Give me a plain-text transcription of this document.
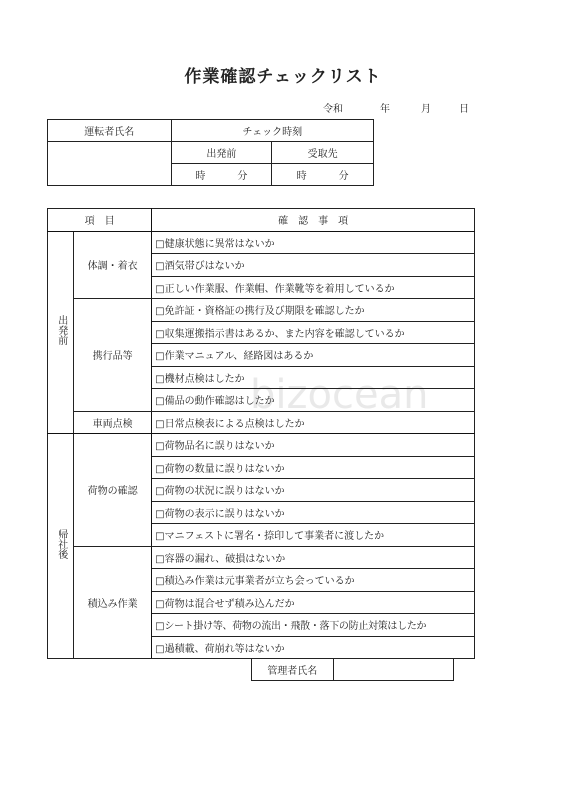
作業確認チェックリスト
令和	年	月	日
運転者氏名	チェック時刻	
	出発前	受取先
	時 分	時 分
bizocean
項　目		確　認　事　項
出発前	体調・着衣	□健康状態に異常はないか
		□酒気帯びはないか
		□正しい作業服、作業帽、作業靴等を着用しているか
	携行品等	□免許証・資格証の携行及び期限を確認したか
		□収集運搬指示書はあるか、また内容を確認しているか
		□作業マニュアル、経路図はあるか
		□機材点検はしたか
		□備品の動作確認はしたか
	車両点検	□日常点検表による点検はしたか
帰社後	荷物の確認	□荷物品名に誤りはないか
		□荷物の数量に誤りはないか
		□荷物の状況に誤りはないか
		□荷物の表示に誤りはないか
		□マニフェストに署名・捺印して事業者に渡したか
	積込み作業	□容器の漏れ、破損はないか
		□積込み作業は元事業者が立ち会っているか
		□荷物は混合せず積み込んだか
		□シート掛け等、荷物の流出・飛散・落下の防止対策はしたか
		□過積載、荷崩れ等はないか
管理者氏名	
